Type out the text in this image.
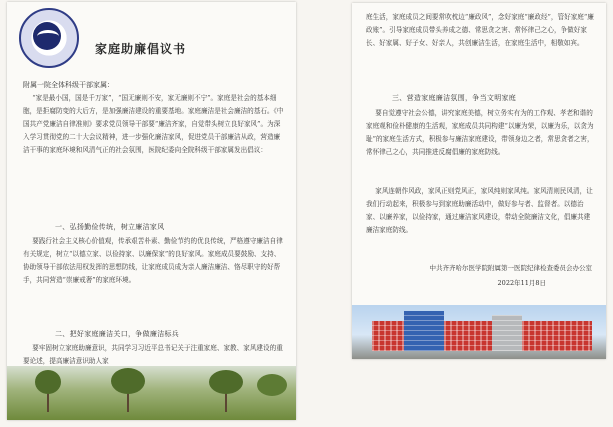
家庭助廉倡议书
附属一院全体科级干部家属：
“家是最小国，国是千万家”，“国无廉则不安，家无廉则不宁”。家庭是社会的基本细胞，是拒腐防变的大后方，是加强廉洁建设的重要基地。家庭廉洁是社会廉洁的基石。《中国共产党廉洁自律准则》要求党员领导干部要“廉洁齐家，自觉带头树立良好家风”。为深入学习贯彻党的二十大会议精神，进一步强化廉洁家风，促进党员干部廉洁从政，营造廉洁干事的家庭环境和风清气正的社会氛围，医院纪委向全院科级干部家属发出倡议：
一、弘扬勤俭传统，树立廉洁家风
要践行社会主义核心价值观，传承艰苦朴素、勤俭节约的优良传统，严格遵守廉洁自律有关规定，树立“以德立家、以俭持家、以廉保家”的良好家风。家庭成员要鼓励、支持、协助领导干部依法用权发挥的思想防线，让家庭成员成为亲人廉洁廉洁、恪尽职守的好帮手，共同营造“崇廉戒奢”的家庭环境。
二、把好家庭廉洁关口，争做廉洁标兵
要牢固树立家庭助廉意识，共同学习习近平总书记关于注重家庭、家教、家风建设的重要论述，提高廉洁意识助人家
庭生活，家庭成员之间要常吹枕边“廉政风”，念好家庭“廉政经”，管好家庭“廉政账”。引导家庭成员带头养成之德、常思贪之害、常怀律己之心，争做好家长、好家属、好子女、好亲人，共创廉洁生活，在家庭生活中，相敬如宾。
三、营造家庭廉洁氛围，争当文明家庭
要自觉遵守社会公德，讲究家庭美德，树立务实有为的工作观、孝老和谐的家庭观和俭朴健康的生活观，家庭成员共同构建“以廉为荣，以廉为乐，以贪为耻”的家庭生活方式，积极参与廉洁家庭建设，带领身边之者，常思贪者之害，常怀律己之心，共同推进反腐倡廉的家庭防线。
家风连朝作风政，家风正则党风正，家风纯则家风纯。家风清则民风清，让我们行动起来，积极参与到家庭助廉活动中，做好参与者、监督者。以德治家、以廉养家，以俭持家，通过廉洁家风建设，带动全院廉洁文化，倡廉共建廉洁家庭防线。
中共齐齐哈尔医学院附属第一医院纪律检查委员会办公室
2022年11月8日
